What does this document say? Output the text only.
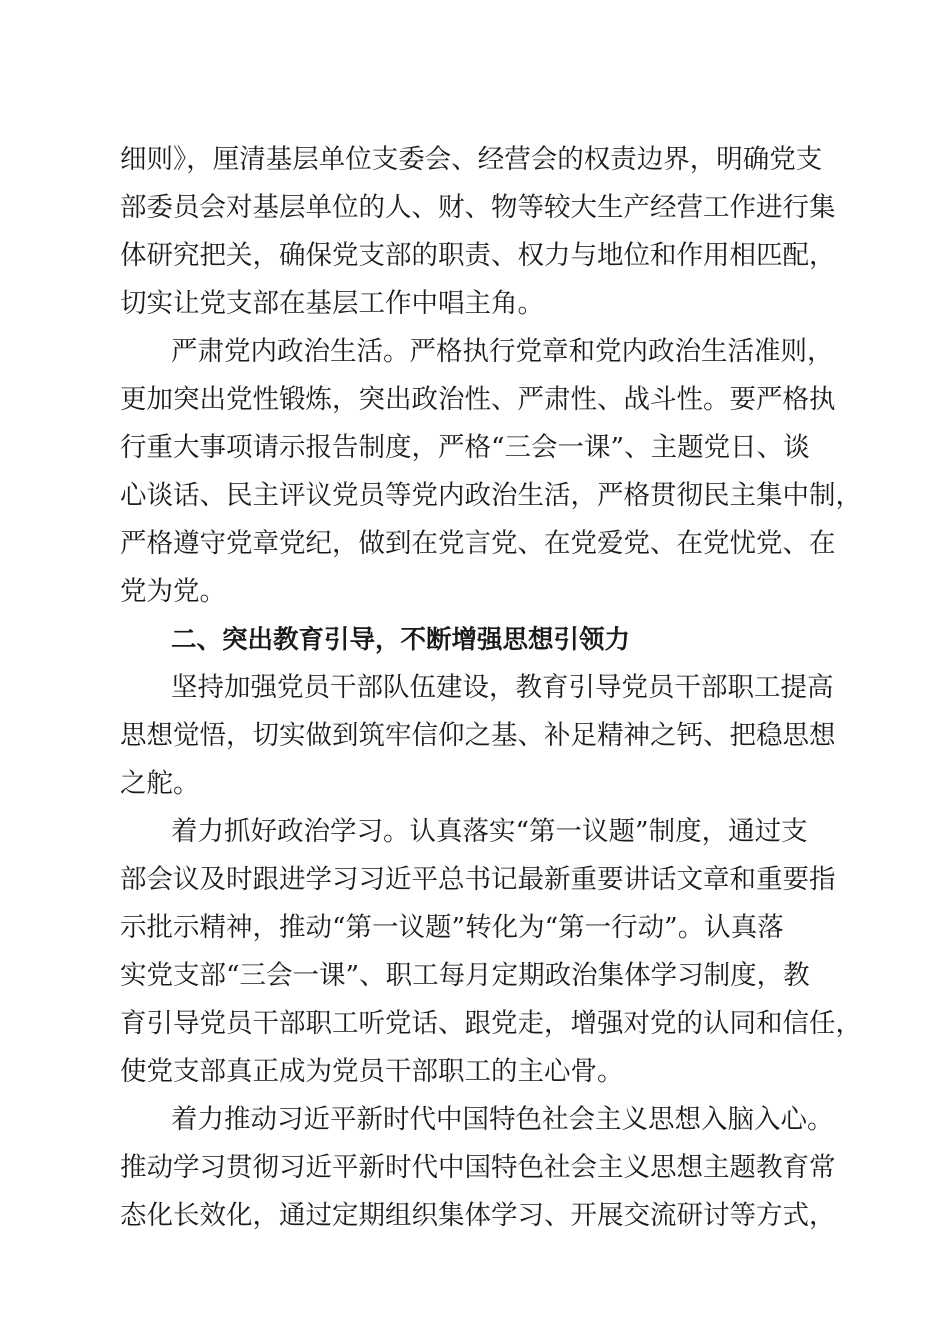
细则》，厘清基层单位支委会、经营会的权责边界，明确党支
部委员会对基层单位的人、财、物等较大生产经营工作进行集
体研究把关，确保党支部的职责、权力与地位和作用相匹配，
切实让党支部在基层工作中唱主角。
严肃党内政治生活。严格执行党章和党内政治生活准则，
更加突出党性锻炼，突出政治性、严肃性、战斗性。要严格执
行重大事项请示报告制度，严格“三会一课”、主题党日、谈
心谈话、民主评议党员等党内政治生活，严格贯彻民主集中制，
严格遵守党章党纪，做到在党言党、在党爱党、在党忧党、在
党为党。
二、突出教育引导，不断增强思想引领力
坚持加强党员干部队伍建设，教育引导党员干部职工提高
思想觉悟，切实做到筑牢信仰之基、补足精神之钙、把稳思想
之舵。
着力抓好政治学习。认真落实“第一议题”制度，通过支
部会议及时跟进学习习近平总书记最新重要讲话文章和重要指
示批示精神，推动“第一议题”转化为“第一行动”。认真落
实党支部“三会一课”、职工每月定期政治集体学习制度，教
育引导党员干部职工听党话、跟党走，增强对党的认同和信任，
使党支部真正成为党员干部职工的主心骨。
着力推动习近平新时代中国特色社会主义思想入脑入心。
推动学习贯彻习近平新时代中国特色社会主义思想主题教育常
态化长效化，通过定期组织集体学习、开展交流研讨等方式，
